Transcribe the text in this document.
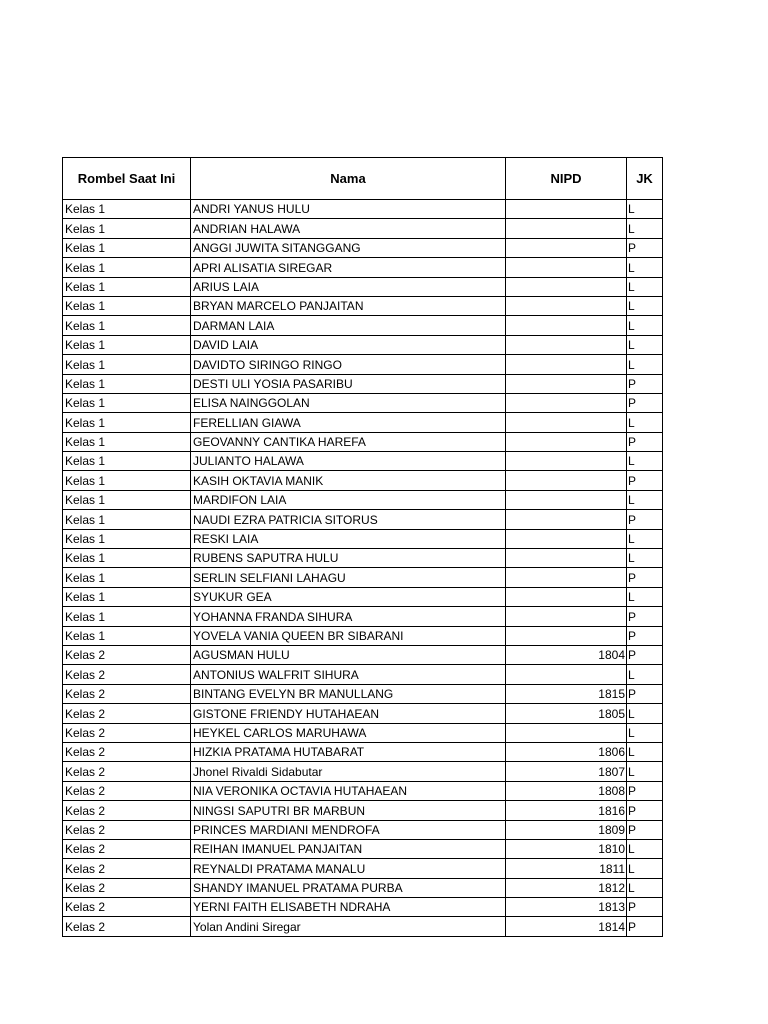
Rombel Saat Ini	Nama	NIPD	JK
Kelas 1	ANDRI YANUS HULU		L
Kelas 1	ANDRIAN HALAWA		L
Kelas 1	ANGGI JUWITA SITANGGANG		P
Kelas 1	APRI ALISATIA SIREGAR		L
Kelas 1	ARIUS LAIA		L
Kelas 1	BRYAN MARCELO PANJAITAN		L
Kelas 1	DARMAN LAIA		L
Kelas 1	DAVID LAIA		L
Kelas 1	DAVIDTO SIRINGO RINGO		L
Kelas 1	DESTI ULI YOSIA PASARIBU		P
Kelas 1	ELISA NAINGGOLAN		P
Kelas 1	FERELLIAN GIAWA		L
Kelas 1	GEOVANNY CANTIKA HAREFA		P
Kelas 1	JULIANTO HALAWA		L
Kelas 1	KASIH OKTAVIA MANIK		P
Kelas 1	MARDIFON LAIA		L
Kelas 1	NAUDI EZRA PATRICIA SITORUS		P
Kelas 1	RESKI LAIA		L
Kelas 1	RUBENS SAPUTRA HULU		L
Kelas 1	SERLIN SELFIANI LAHAGU		P
Kelas 1	SYUKUR GEA		L
Kelas 1	YOHANNA FRANDA SIHURA		P
Kelas 1	YOVELA VANIA QUEEN BR SIBARANI		P
Kelas 2	AGUSMAN HULU	1804	P
Kelas 2	ANTONIUS WALFRIT SIHURA		L
Kelas 2	BINTANG EVELYN BR MANULLANG	1815	P
Kelas 2	GISTONE FRIENDY HUTAHAEAN	1805	L
Kelas 2	HEYKEL CARLOS MARUHAWA		L
Kelas 2	HIZKIA PRATAMA HUTABARAT	1806	L
Kelas 2	Jhonel Rivaldi Sidabutar	1807	L
Kelas 2	NIA VERONIKA OCTAVIA HUTAHAEAN	1808	P
Kelas 2	NINGSI SAPUTRI BR MARBUN	1816	P
Kelas 2	PRINCES MARDIANI MENDROFA	1809	P
Kelas 2	REIHAN IMANUEL PANJAITAN	1810	L
Kelas 2	REYNALDI PRATAMA MANALU	1811	L
Kelas 2	SHANDY IMANUEL PRATAMA PURBA	1812	L
Kelas 2	YERNI FAITH ELISABETH NDRAHA	1813	P
Kelas 2	Yolan Andini Siregar	1814	P
